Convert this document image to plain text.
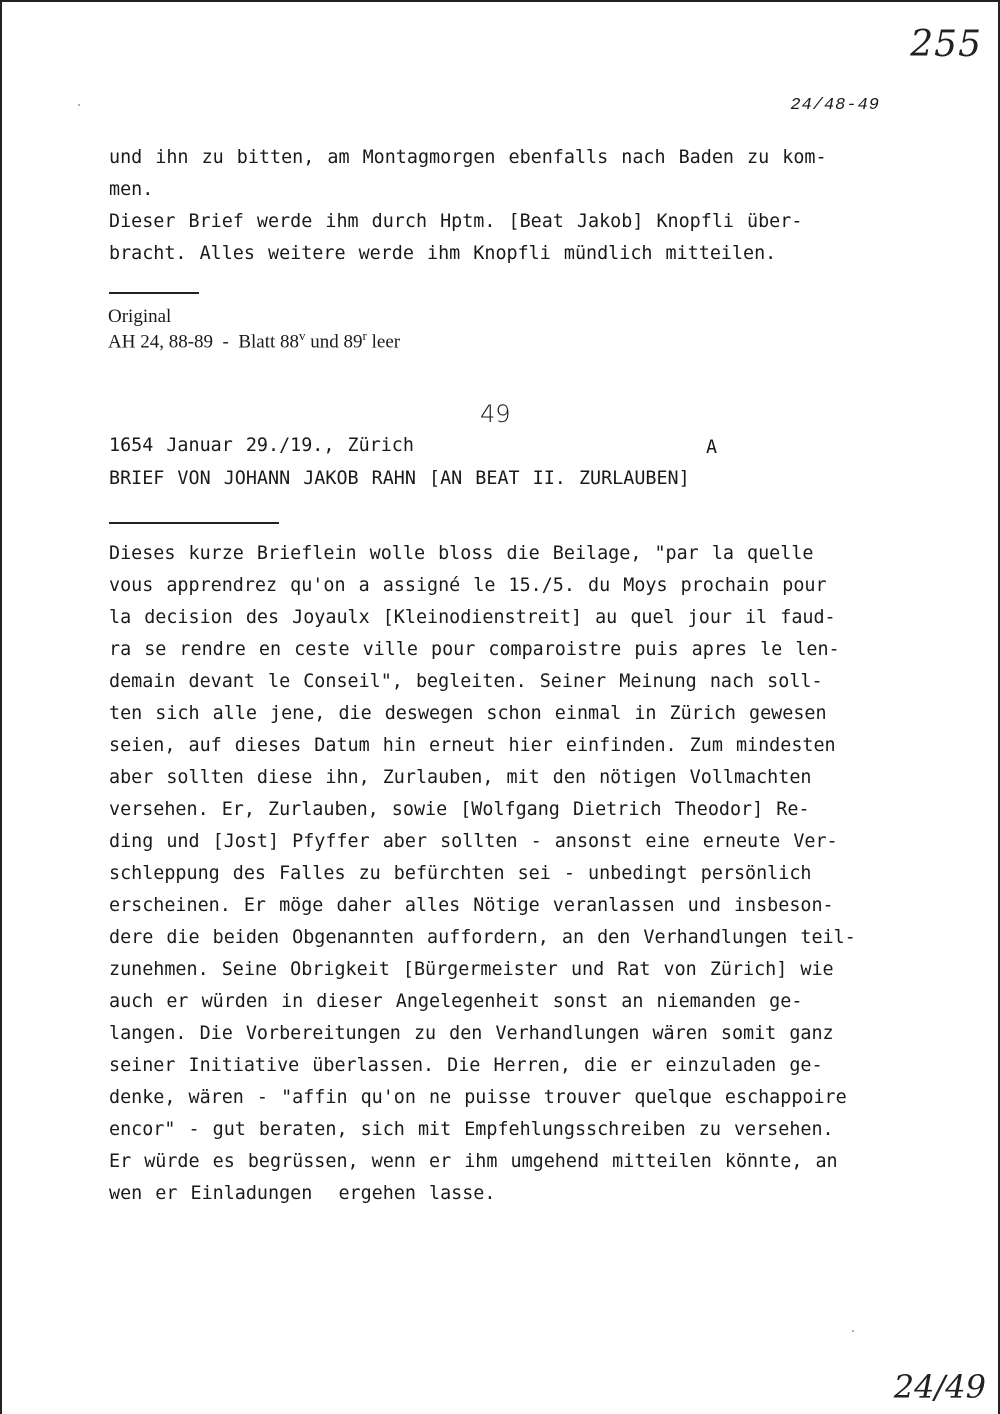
255
24/48-49
und ihn zu bitten, am Montagmorgen ebenfalls nach Baden zu kom-
men.
Dieser Brief werde ihm durch Hptm. [Beat Jakob] Knopfli über-
bracht. Alles weitere werde ihm Knopfli mündlich mitteilen.
Original
AH 24, 88-89  -  Blatt 88$^v$ und 89$^r$ leer
49
1654 Januar 29./19., Zürich	A
BRIEF VON JOHANN JAKOB RAHN [AN BEAT II. ZURLAUBEN]
Dieses kurze Brieflein wolle bloss die Beilage, "par la quelle
vous apprendrez qu'on a assigné le 15./5. du Moys prochain pour
la decision des Joyaulx [Kleinodienstreit] au quel jour il faud-
ra se rendre en ceste ville pour comparoistre puis apres le len-
demain devant le Conseil", begleiten. Seiner Meinung nach soll-
ten sich alle jene, die deswegen schon einmal in Zürich gewesen
seien, auf dieses Datum hin erneut hier einfinden. Zum mindesten
aber sollten diese ihn, Zurlauben, mit den nötigen Vollmachten
versehen. Er, Zurlauben, sowie [Wolfgang Dietrich Theodor] Re-
ding und [Jost] Pfyffer aber sollten - ansonst eine erneute Ver-
schleppung des Falles zu befürchten sei - unbedingt persönlich
erscheinen. Er möge daher alles Nötige veranlassen und insbeson-
dere die beiden Obgenannten auffordern, an den Verhandlungen teil-
zunehmen. Seine Obrigkeit [Bürgermeister und Rat von Zürich] wie
auch er würden in dieser Angelegenheit sonst an niemanden ge-
langen. Die Vorbereitungen zu den Verhandlungen wären somit ganz
seiner Initiative überlassen. Die Herren, die er einzuladen ge-
denke, wären - "affin qu'on ne puisse trouver quelque eschappoire
encor" - gut beraten, sich mit Empfehlungsschreiben zu versehen.
Er würde es begrüssen, wenn er ihm umgehend mitteilen könnte, an
wen er Einladungen  ergehen lasse.
24/49
